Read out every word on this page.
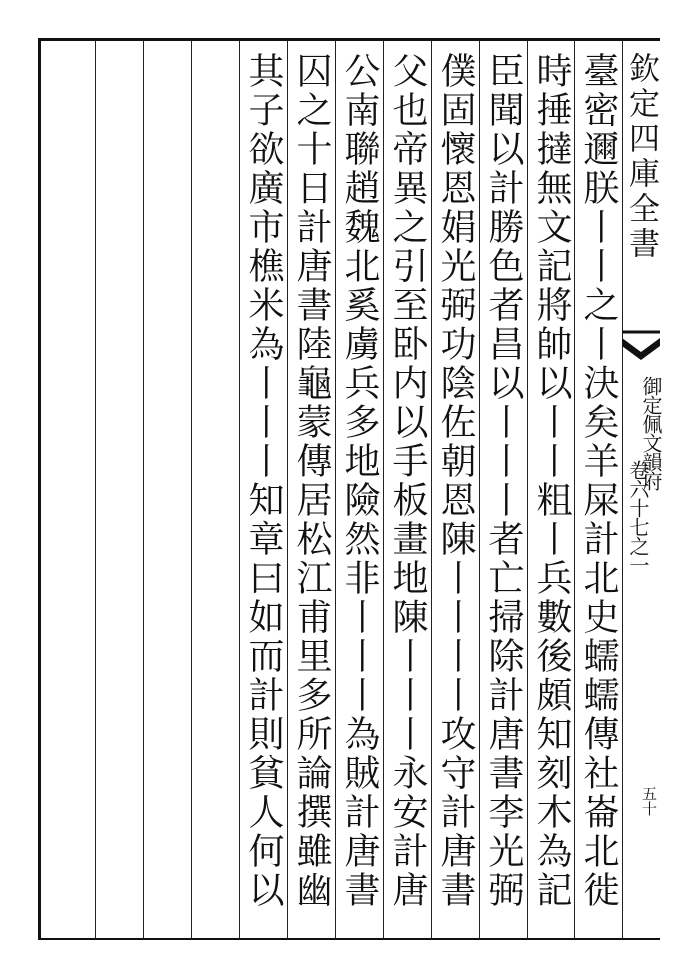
欽定四庫全書
御定佩文韻府
卷六十七之一
五十
臺密邇朕丨丨之丨決矣羊屎計北史蠕蠕傳社崙北徙
時捶撻無文記將帥以丨丨粗丨兵數後頗知刻木為記
臣聞以計勝色者昌以丨丨丨者亡掃除計唐書李光弼
僕固懷恩娟光弼功陰佐朝恩陳丨丨丨丨攻守計唐書
父也帝異之引至卧内以手板畫地陳丨丨丨永安計唐
公南聯趙魏北奚虜兵多地險然非丨丨丨為賊計唐書
囚之十日計唐書陸龜蒙傳居松江甫里多所論撰雖幽
其子欲廣市樵米為丨丨丨知章曰如而計則貧人何以
